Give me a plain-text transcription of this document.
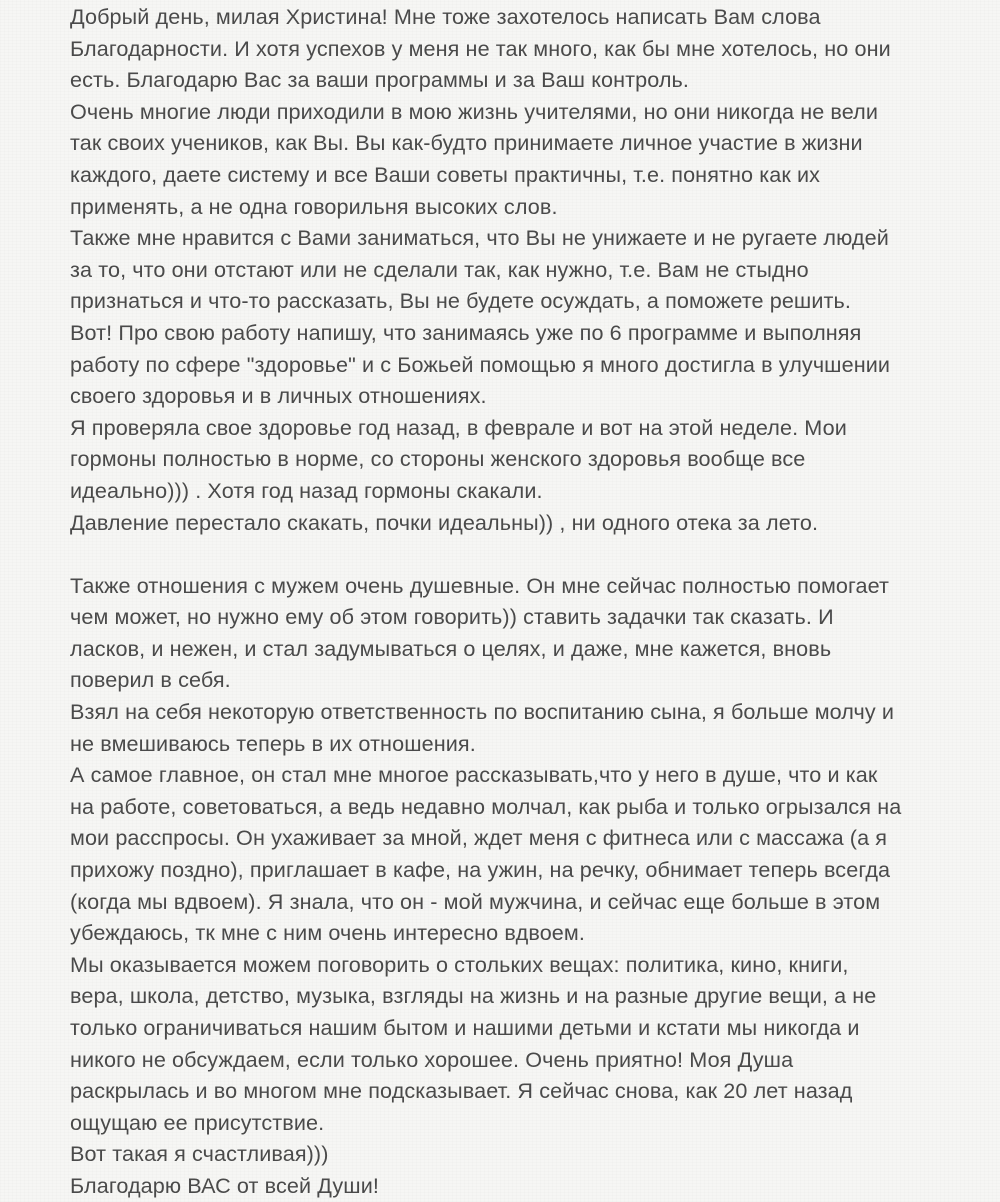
Добрый день, милая Христина! Мне тоже захотелось написать Вам слова
Благодарности. И хотя успехов у меня не так много, как бы мне хотелось, но они
есть. Благодарю Вас за ваши программы и за Ваш контроль.
Очень многие люди приходили в мою жизнь учителями, но они никогда не вели
так своих учеников, как Вы. Вы как-будто принимаете личное участие в жизни
каждого, даете систему и все Ваши советы практичны, т.е. понятно как их
применять, а не одна говорильня высоких слов.
Также мне нравится с Вами заниматься, что Вы не унижаете и не ругаете людей
за то, что они отстают или не сделали так, как нужно, т.е. Вам не стыдно
признаться и что-то рассказать, Вы не будете осуждать, а поможете решить.
Вот! Про свою работу напишу, что занимаясь уже по 6 программе и выполняя
работу по сфере "здоровье" и с Божьей помощью я много достигла в улучшении
своего здоровья и в личных отношениях.
Я проверяла свое здоровье год назад, в феврале и вот на этой неделе. Мои
гормоны полностью в норме, со стороны женского здоровья вообще все
идеально))) . Хотя год назад гормоны скакали.
Давление перестало скакать, почки идеальны)) , ни одного отека за лето.
Также отношения с мужем очень душевные. Он мне сейчас полностью помогает
чем может, но нужно ему об этом говорить)) ставить задачки так сказать. И
ласков, и нежен, и стал задумываться о целях, и даже, мне кажется, вновь
поверил в себя.
Взял на себя некоторую ответственность по воспитанию сына, я больше молчу и
не вмешиваюсь теперь в их отношения.
А самое главное, он стал мне многое рассказывать,что у него в душе, что и как
на работе, советоваться, а ведь недавно молчал, как рыба и только огрызался на
мои расспросы. Он ухаживает за мной, ждет меня с фитнеса или с массажа (а я
прихожу поздно), приглашает в кафе, на ужин, на речку, обнимает теперь всегда
(когда мы вдвоем). Я знала, что он - мой мужчина, и сейчас еще больше в этом
убеждаюсь, тк мне с ним очень интересно вдвоем.
Мы оказывается можем поговорить о стольких вещах: политика, кино, книги,
вера, школа, детство, музыка, взгляды на жизнь и на разные другие вещи, а не
только ограничиваться нашим бытом и нашими детьми и кстати мы никогда и
никого не обсуждаем, если только хорошее. Очень приятно! Моя Душа
раскрылась и во многом мне подсказывает. Я сейчас снова, как 20 лет назад
ощущаю ее присутствие.
Вот такая я счастливая)))
Благодарю ВАС от всей Души!
